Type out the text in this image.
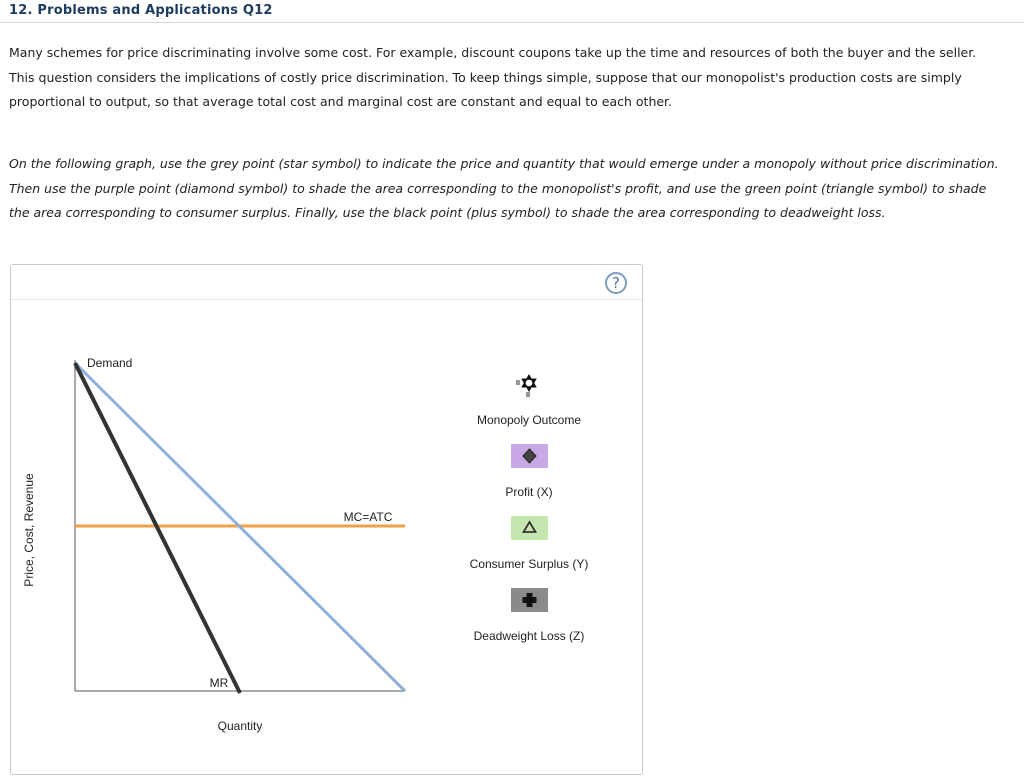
12. Problems and Applications Q12
Many schemes for price discriminating involve some cost. For example, discount coupons take up the time and resources of both the buyer and the seller. This question considers the implications of costly price discrimination. To keep things simple, suppose that our monopolist's production costs are simply proportional to output, so that average total cost and marginal cost are constant and equal to each other.
On the following graph, use the grey point (star symbol) to indicate the price and quantity that would emerge under a monopoly without price discrimination. Then use the purple point (diamond symbol) to shade the area corresponding to the monopolist's profit, and use the green point (triangle symbol) to shade the area corresponding to consumer surplus. Finally, use the black point (plus symbol) to shade the area corresponding to deadweight loss.
?
Price, Cost, Revenue
Quantity
MC=ATC
Demand
MR
Monopoly Outcome
Profit (X)
Consumer Surplus (Y)
Deadweight Loss (Z)
